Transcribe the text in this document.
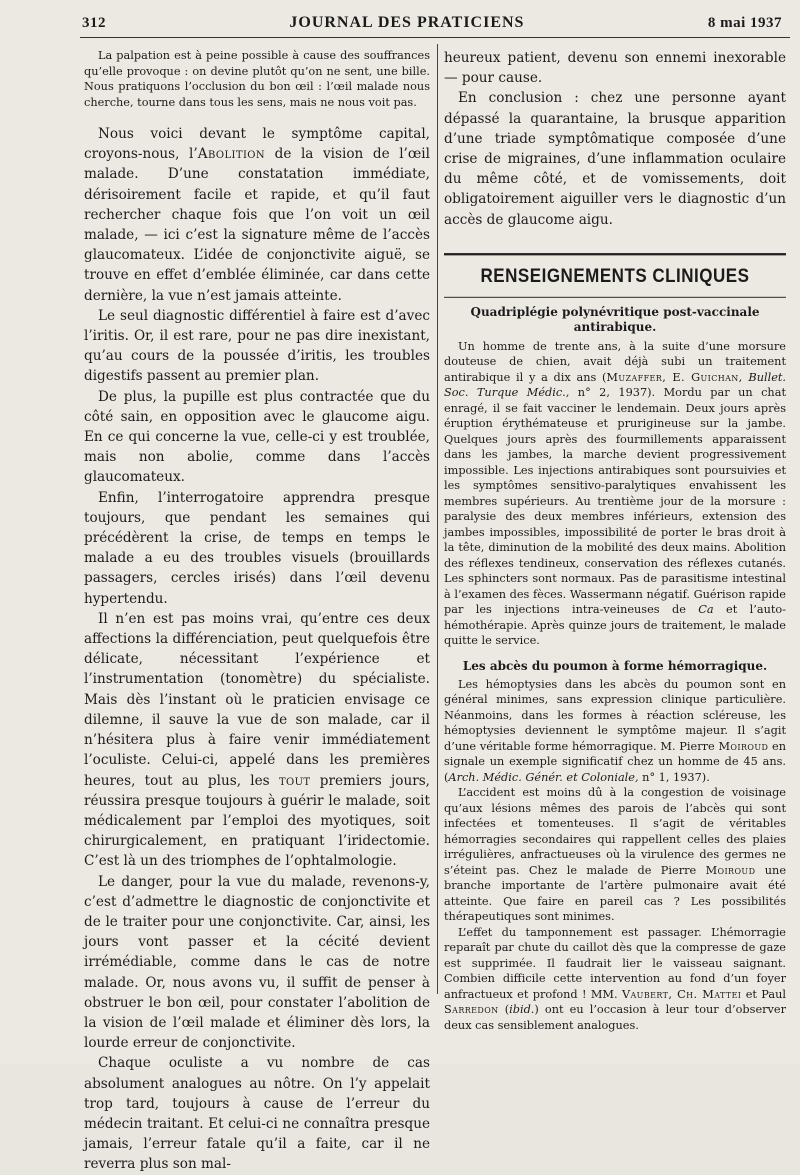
312	JOURNAL DES PRATICIENS	8 mai 1937

La palpation est à peine possible à cause des souffrances qu’elle provoque : on devine plutôt qu’on ne sent, une bille. Nous pratiquons l’occlusion du bon œil : l’œil malade nous cherche, tourne dans tous les sens, mais ne nous voit pas.

Nous voici devant le symptôme capital, croyons-nous, l’Abolition de la vision de l’œil malade. D’une constatation immédiate, dérisoirement facile et rapide, et qu’il faut rechercher chaque fois que l’on voit un œil malade, — ici c’est la signature même de l’accès glaucomateux. L’idée de conjonctivite aiguë, se trouve en effet d’emblée éliminée, car dans cette dernière, la vue n’est jamais atteinte.

Le seul diagnostic différentiel à faire est d’avec l’iritis. Or, il est rare, pour ne pas dire inexistant, qu’au cours de la poussée d’iritis, les troubles digestifs passent au premier plan.

De plus, la pupille est plus contractée que du côté sain, en opposition avec le glaucome aigu. En ce qui concerne la vue, celle-ci y est troublée, mais non abolie, comme dans l’accès glaucomateux.

Enfin, l’interrogatoire apprendra presque toujours, que pendant les semaines qui précédèrent la crise, de temps en temps le malade a eu des troubles visuels (brouillards passagers, cercles irisés) dans l’œil devenu hypertendu.

Il n’en est pas moins vrai, qu’entre ces deux affections la différenciation, peut quelquefois être délicate, nécessitant l’expérience et l’instrumentation (tonomètre) du spécialiste. Mais dès l’instant où le praticien envisage ce dilemne, il sauve la vue de son malade, car il n’hésitera plus à faire venir immédiatement l’oculiste. Celui-ci, appelé dans les premières heures, tout au plus, les tout premiers jours, réussira presque toujours à guérir le malade, soit médicalement par l’emploi des myotiques, soit chirurgicalement, en pratiquant l’iridectomie. C’est là un des triomphes de l’ophtalmologie.

Le danger, pour la vue du malade, revenons-y, c’est d’admettre le diagnostic de conjonctivite et de le traiter pour une conjonctivite. Car, ainsi, les jours vont passer et la cécité devient irrémédiable, comme dans le cas de notre malade. Or, nous avons vu, il suffit de penser à obstruer le bon œil, pour constater l’abolition de la vision de l’œil malade et éliminer dès lors, la lourde erreur de conjonctivite.

Chaque oculiste a vu nombre de cas absolument analogues au nôtre. On l’y appelait trop tard, toujours à cause de l’erreur du médecin traitant. Et celui-ci ne connaîtra presque jamais, l’erreur fatale qu’il a faite, car il ne reverra plus son mal-

heureux patient, devenu son ennemi inexorable — pour cause.

En conclusion : chez une personne ayant dépassé la quarantaine, la brusque apparition d’une triade symptômatique composée d’une crise de migraines, d’une inflammation oculaire du même côté, et de vomissements, doit obligatoirement aiguiller vers le diagnostic d’un accès de glaucome aigu.

RENSEIGNEMENTS CLINIQUES
Quadriplégie polynévritique post-vaccinale antirabique.

Un homme de trente ans, à la suite d’une morsure douteuse de chien, avait déjà subi un traitement antirabique il y a dix ans (Muzaffer, E. Guichan, Bullet. Soc. Turque Médic., n° 2, 1937). Mordu par un chat enragé, il se fait vacciner le lendemain. Deux jours après éruption érythémateuse et prurigineuse sur la jambe. Quelques jours après des fourmillements apparaissent dans les jambes, la marche devient progressivement impossible. Les injections antirabiques sont poursuivies et les symptômes sensitivo-paralytiques envahissent les membres supérieurs. Au trentième jour de la morsure : paralysie des deux membres inférieurs, extension des jambes impossibles, impossibilité de porter le bras droit à la tête, diminution de la mobilité des deux mains. Abolition des réflexes tendineux, conservation des réflexes cutanés. Les sphincters sont normaux. Pas de parasitisme intestinal à l’examen des fèces. Wassermann négatif. Guérison rapide par les injections intra-veineuses de Ca et l’auto-hémothérapie. Après quinze jours de traitement, le malade quitte le service.

Les abcès du poumon à forme hémorragique.

Les hémoptysies dans les abcès du poumon sont en général minimes, sans expression clinique particulière. Néanmoins, dans les formes à réaction scléreuse, les hémoptysies deviennent le symptôme majeur. Il s’agit d’une véritable forme hémorragique. M. Pierre Moiroud en signale un exemple significatif chez un homme de 45 ans. (Arch. Médic. Génér. et Coloniale, n° 1, 1937).

L’accident est moins dû à la congestion de voisinage qu’aux lésions mêmes des parois de l’abcès qui sont infectées et tomenteuses. Il s’agit de véritables hémorragies secondaires qui rappellent celles des plaies irrégulières, anfractueuses où la virulence des germes ne s’éteint pas. Chez le malade de Pierre Moiroud une branche importante de l’artère pulmonaire avait été atteinte. Que faire en pareil cas ? Les possibilités thérapeutiques sont minimes.

L’effet du tamponnement est passager. L’hémorragie reparaît par chute du caillot dès que la compresse de gaze est supprimée. Il faudrait lier le vaisseau saignant. Combien difficile cette intervention au fond d’un foyer anfractueux et profond ! MM. Vaubert, Ch. Mattei et Paul Sarredon (ibid.) ont eu l’occasion à leur tour d’observer deux cas sensiblement analogues.
